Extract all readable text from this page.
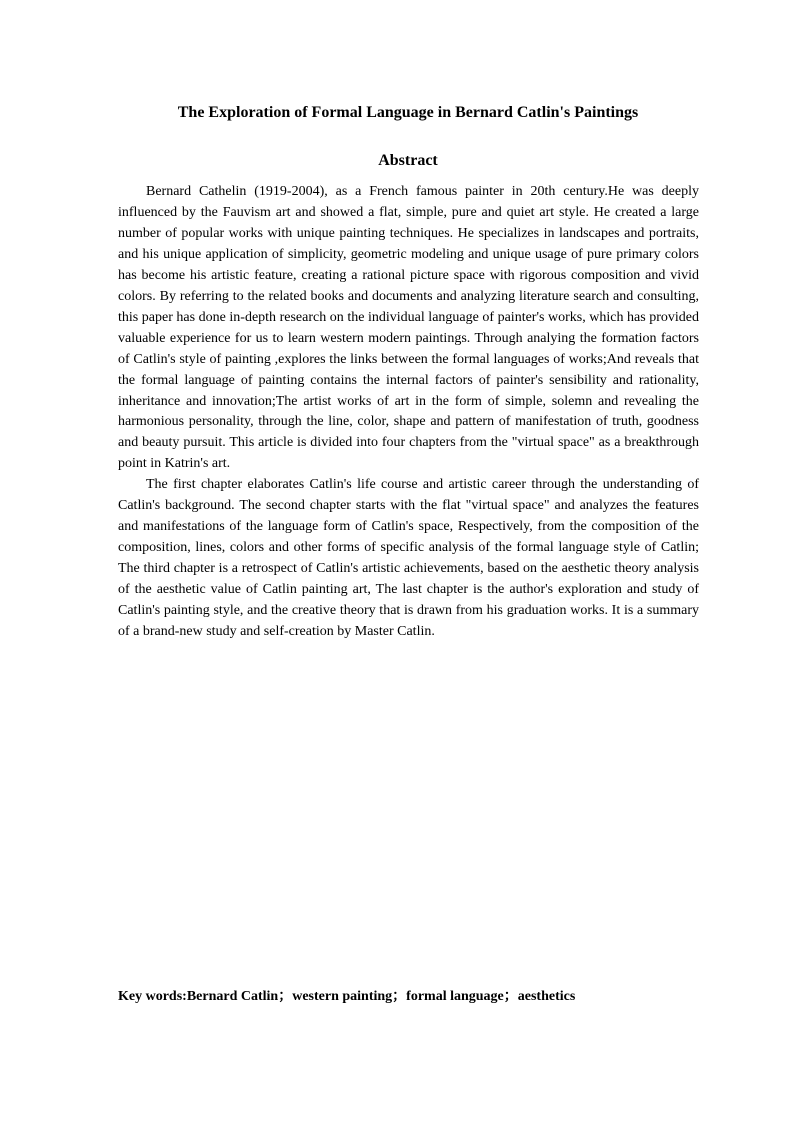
The Exploration of Formal Language in Bernard Catlin's Paintings
Abstract

Bernard Cathelin (1919-2004), as a French famous painter in 20th century.He was deeply influenced by the Fauvism art and showed a flat, simple, pure and quiet art style. He created a large number of popular works with unique painting techniques. He specializes in landscapes and portraits, and his unique application of simplicity, geometric modeling and unique usage of pure primary colors has become his artistic feature, creating a rational picture space with rigorous composition and vivid colors. By referring to the related books and documents and analyzing literature search and consulting, this paper has done in-depth research on the individual language of painter's works, which has provided valuable experience for us to learn western modern paintings. Through analying the formation factors of Catlin's style of painting ,explores the links between the formal languages of works;And reveals that the formal language of painting contains the internal factors of painter's sensibility and rationality, inheritance and innovation;The artist works of art in the form of simple, solemn and revealing the harmonious personality, through the line, color, shape and pattern of manifestation of truth, goodness and beauty pursuit. This article is divided into four chapters from the "virtual space" as a breakthrough point in Katrin's art.

The first chapter elaborates Catlin's life course and artistic career through the understanding of Catlin's background. The second chapter starts with the flat "virtual space" and analyzes the features and manifestations of the language form of Catlin's space, Respectively, from the composition of the composition, lines, colors and other forms of specific analysis of the formal language style of Catlin; The third chapter is a retrospect of Catlin's artistic achievements, based on the aesthetic theory analysis of the aesthetic value of Catlin painting art, The last chapter is the author's exploration and study of Catlin's painting style, and the creative theory that is drawn from his graduation works. It is a summary of a brand-new study and self-creation by Master Catlin.

Key words:Bernard Catlin；western painting；formal language；aesthetics
